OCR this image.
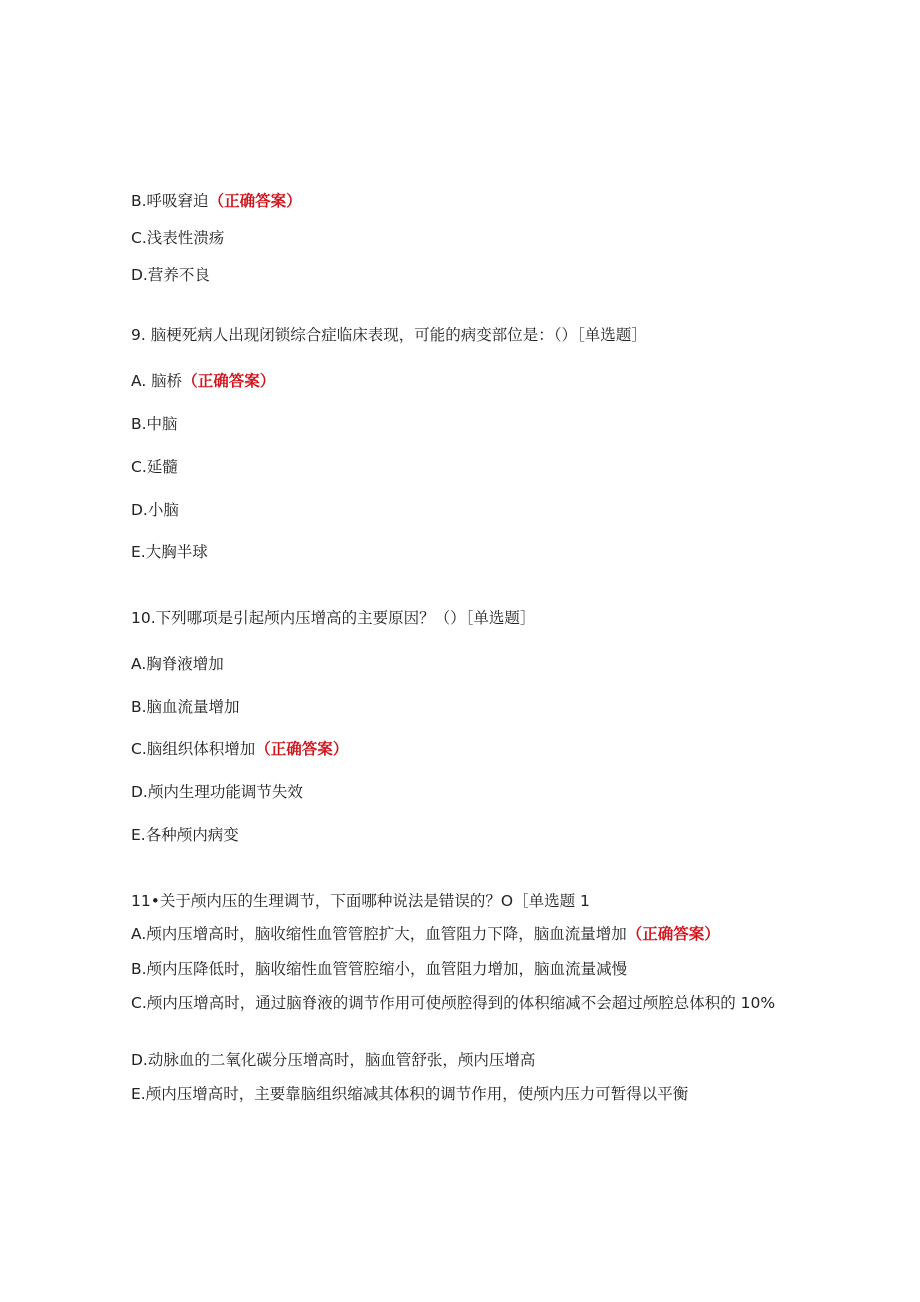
B.呼吸窘迫（正确答案）
C.浅表性溃疡
D.营养不良
9. 脑梗死病人出现闭锁综合症临床表现，可能的病变部位是：（）［单选题］
A. 脑桥（正确答案）
B.中脑
C.延髓
D.小脑
E.大胸半球
10.下列哪项是引起颅内压增高的主要原因？（）［单选题］
A.胸脊液增加
B.脑血流量增加
C.脑组织体积增加（正确答案）
D.颅内生理功能调节失效
E.各种颅内病变
11•关于颅内压的生理调节，下面哪种说法是错误的？O［单选题 1
A.颅内压增高时，脑收缩性血管管腔扩大，血管阻力下降，脑血流量增加（正确答案）
B.颅内压降低时，脑收缩性血管管腔缩小，血管阻力增加，脑血流量减慢
C.颅内压增高时，通过脑脊液的调节作用可使颅腔得到的体积缩减不会超过颅腔总体积的 10%
D.动脉血的二氧化碳分压增高时，脑血管舒张，颅内压增高
E.颅内压增高时，主要靠脑组织缩减其体积的调节作用，使颅内压力可暂得以平衡
